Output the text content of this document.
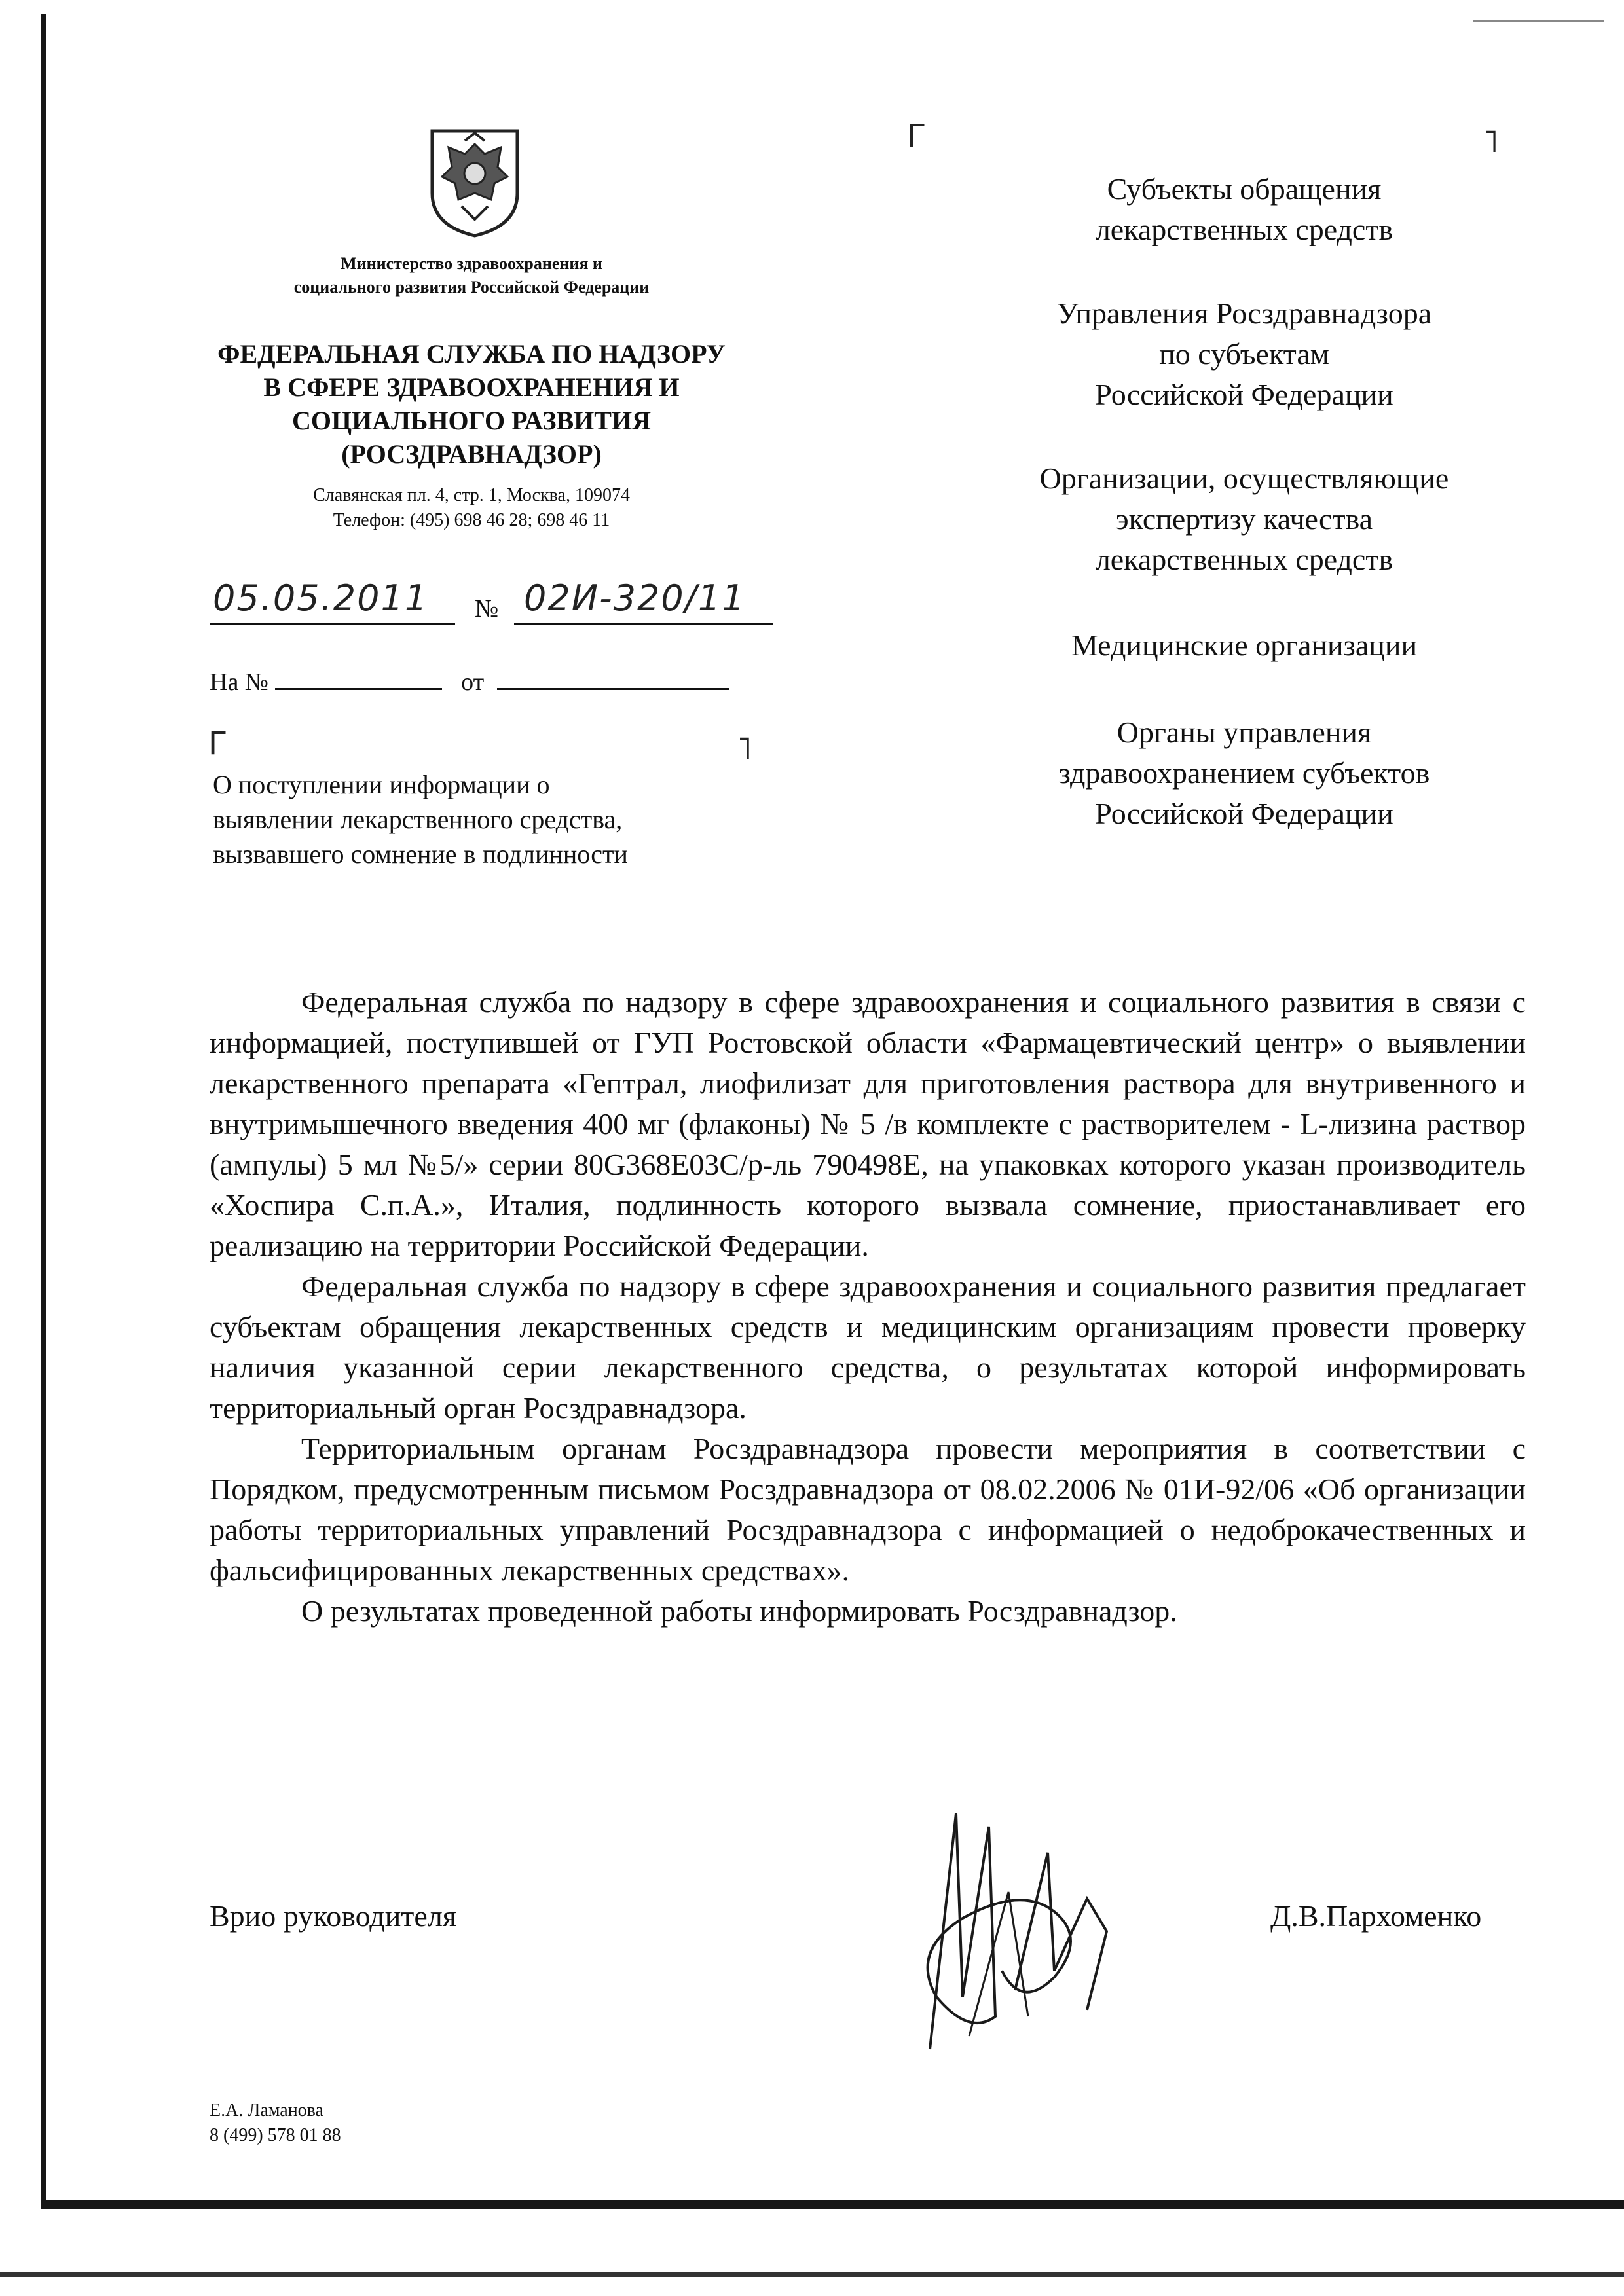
Министерство здравоохранения и
социального развития Российской Федерации
ФЕДЕРАЛЬНАЯ СЛУЖБА ПО НАДЗОРУ
В СФЕРЕ ЗДРАВООХРАНЕНИЯ И
СОЦИАЛЬНОГО РАЗВИТИЯ
(РОСЗДРАВНАДЗОР)
Славянская пл. 4, стр. 1, Москва, 109074
Телефон: (495) 698 46 28; 698 46 11
05.05.2011 № 02И-320/11
На №	от
Г	˥
О поступлении информации о
выявлении лекарственного средства,
вызвавшего сомнение в подлинности
Г	˥
Субъекты обращения
лекарственных средств
Управления Росздравнадзора
по субъектам
Российской Федерации
Организации, осуществляющие
экспертизу качества
лекарственных средств
Медицинские организации
Органы управления
здравоохранением субъектов
Российской Федерации

Федеральная служба по надзору в сфере здравоохранения и социального развития в связи с информацией, поступившей от ГУП Ростовской области «Фармацевтический центр» о выявлении лекарственного препарата «Гептрал, лиофилизат для приготовления раствора для внутривенного и внутримышечного введения 400 мг (флаконы) № 5 /в комплекте с растворителем - L-лизина раствор (ампулы) 5 мл №5/» серии 80G368E03C/р-ль 790498E, на упаковках которого указан производитель «Хоспира С.п.А.», Италия, подлинность которого вызвала сомнение, приостанавливает его реализацию на территории Российской Федерации.

Федеральная служба по надзору в сфере здравоохранения и социального развития предлагает субъектам обращения лекарственных средств и медицинским организациям провести проверку наличия указанной серии лекарственного средства, о результатах которой информировать территориальный орган Росздравнадзора.

Территориальным органам Росздравнадзора провести мероприятия в соответствии с Порядком, предусмотренным письмом Росздравнадзора от 08.02.2006 № 01И-92/06 «Об организации работы территориальных управлений Росздравнадзора с информацией о недоброкачественных и фальсифицированных лекарственных средствах».

О результатах проведенной работы информировать Росздравнадзор.

Врио руководителя	Д.В.Пархоменко
Е.А. Ламанова
8 (499) 578 01 88
